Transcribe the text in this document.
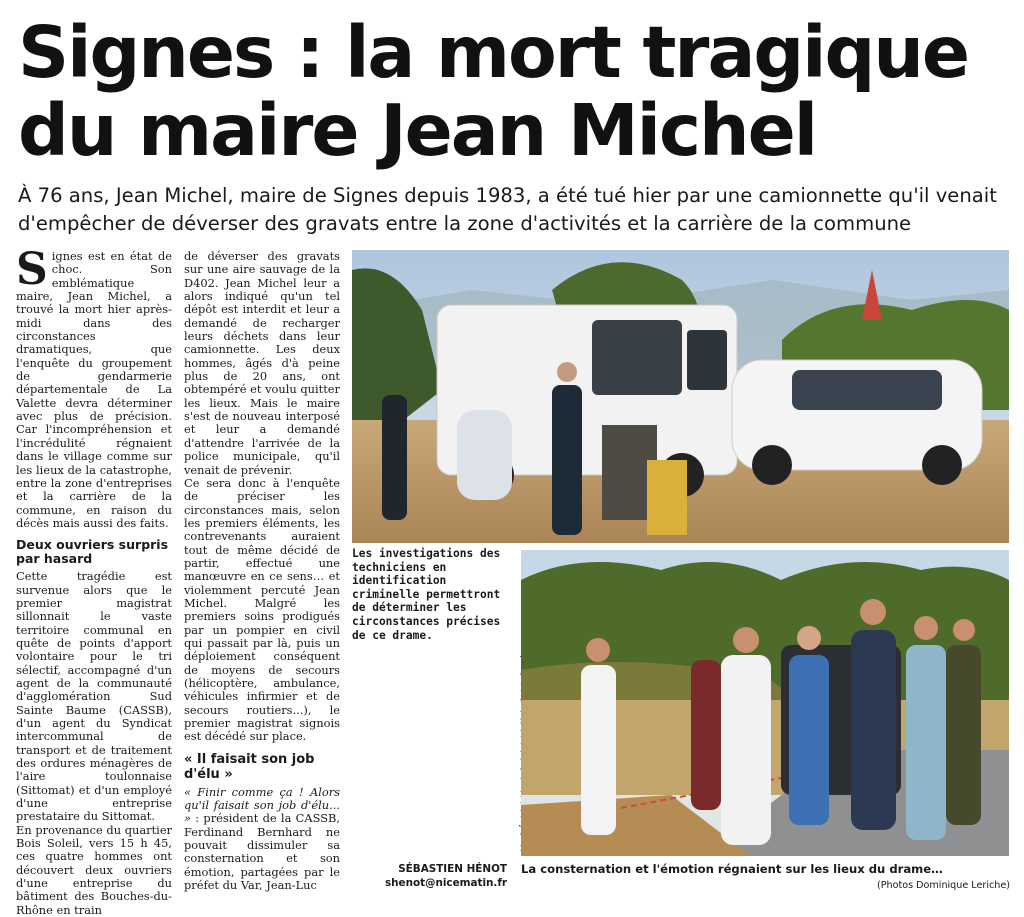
Signes : la mort tragique du maire Jean Michel

À 76 ans, Jean Michel, maire de Signes depuis 1983, a été tué hier par une camionnette qu'il venait d'empêcher de déverser des gravats entre la zone d'activités et la carrière de la commune

Signes est en état de choc. Son emblématique maire, Jean Michel, a trouvé la mort hier après-midi dans des circonstances dramatiques, que l'enquête du groupement de gendarmerie départementale de La Valette devra déterminer avec plus de précision. Car l'incompréhension et l'incrédulité régnaient dans le village comme sur les lieux de la catastrophe, entre la zone d'entreprises et la carrière de la commune, en raison du décès mais aussi des faits.

Deux ouvriers surpris par hasard

Cette tragédie est survenue alors que le premier magistrat sillonnait le vaste territoire communal en quête de points d'apport volontaire pour le tri sélectif, accompagné d'un agent de la communauté d'agglomération Sud Sainte Baume (CASSB), d'un agent du Syndicat intercommunal de transport et de traitement des ordures ménagères de l'aire toulonnaise (Sittomat) et d'un employé d'une entreprise prestataire du Sittomat.

En provenance du quartier Bois Soleil, vers 15 h 45, ces quatre hommes ont découvert deux ouvriers d'une entreprise du bâtiment des Bouches-du-Rhône en train

de déverser des gravats sur une aire sauvage de la D402. Jean Michel leur a alors indiqué qu'un tel dépôt est interdit et leur a demandé de recharger leurs déchets dans leur camionnette. Les deux hommes, âgés d'à peine plus de 20 ans, ont obtempéré et voulu quitter les lieux. Mais le maire s'est de nouveau interposé et leur a demandé d'attendre l'arrivée de la police municipale, qu'il venait de prévenir.

Ce sera donc à l'enquête de préciser les circonstances mais, selon les premiers éléments, les contrevenants auraient tout de même décidé de partir, effectué une manœuvre en ce sens… et violemment percuté Jean Michel. Malgré les premiers soins prodigués par un pompier en civil qui passait par là, puis un déploiement conséquent de moyens de secours (hélicoptère, ambulance, véhicules infirmier et de secours routiers...), le premier magistrat signois est décédé sur place.

« Il faisait son job d'élu »

« Finir comme ça ! Alors qu'il faisait son job d'élu... » : président de la CASSB, Ferdinand Bernhard ne pouvait dissimuler sa consternation et son émotion, partagées par le préfet du Var, Jean-Luc

Les investigations des techniciens en identification criminelle permettront de déterminer les circonstances précises de ce drame.

SÉBASTIEN HÉNOT
shenot@nicematin.fr

La consternation et l'émotion régnaient sur les lieux du drame…

(Photos Dominique Leriche)
